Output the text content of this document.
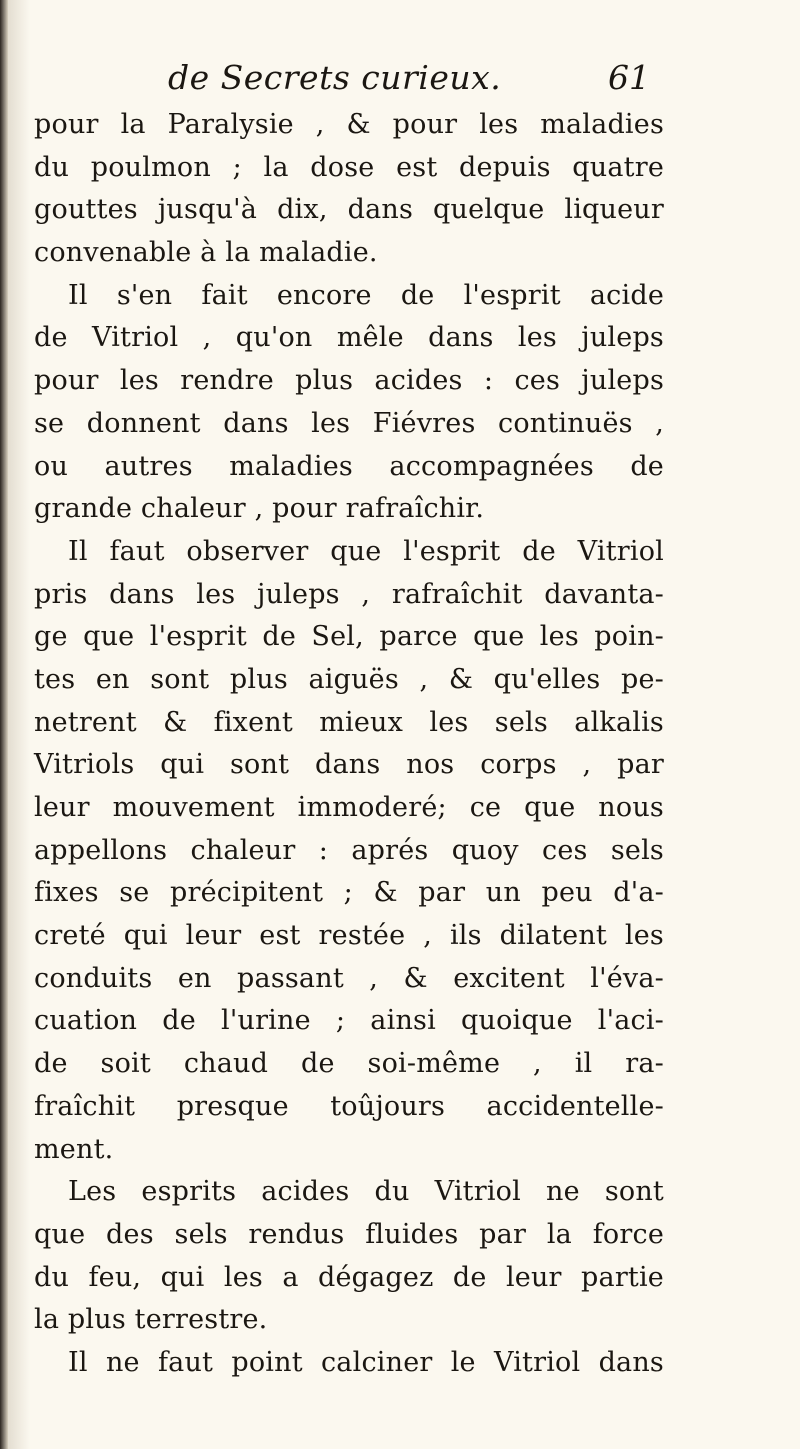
de Secrets curieux.	61
pour la Paralysie , & pour les maladies
du poulmon ; la dose est depuis quatre
gouttes jusqu'à dix, dans quelque liqueur
convenable à la maladie.
Il s'en fait encore de l'esprit acide
de Vitriol , qu'on mêle dans les juleps
pour les rendre plus acides : ces juleps
se donnent dans les Fiévres continuës ,
ou autres maladies accompagnées de
grande chaleur , pour rafraîchir.
Il faut observer que l'esprit de Vitriol
pris dans les juleps , rafraîchit davanta-
ge que l'esprit de Sel, parce que les poin-
tes en sont plus aiguës , & qu'elles pe-
netrent & fixent mieux les sels alkalis
Vitriols qui sont dans nos corps , par
leur mouvement immoderé; ce que nous
appellons chaleur : aprés quoy ces sels
fixes se précipitent ; & par un peu d'a-
creté qui leur est restée , ils dilatent les
conduits en passant , & excitent l'éva-
cuation de l'urine ; ainsi quoique l'aci-
de soit chaud de soi-même , il ra-
fraîchit presque toûjours accidentelle-
ment.
Les esprits acides du Vitriol ne sont
que des sels rendus fluides par la force
du feu, qui les a dégagez de leur partie
la plus terrestre.
Il ne faut point calciner le Vitriol dans
